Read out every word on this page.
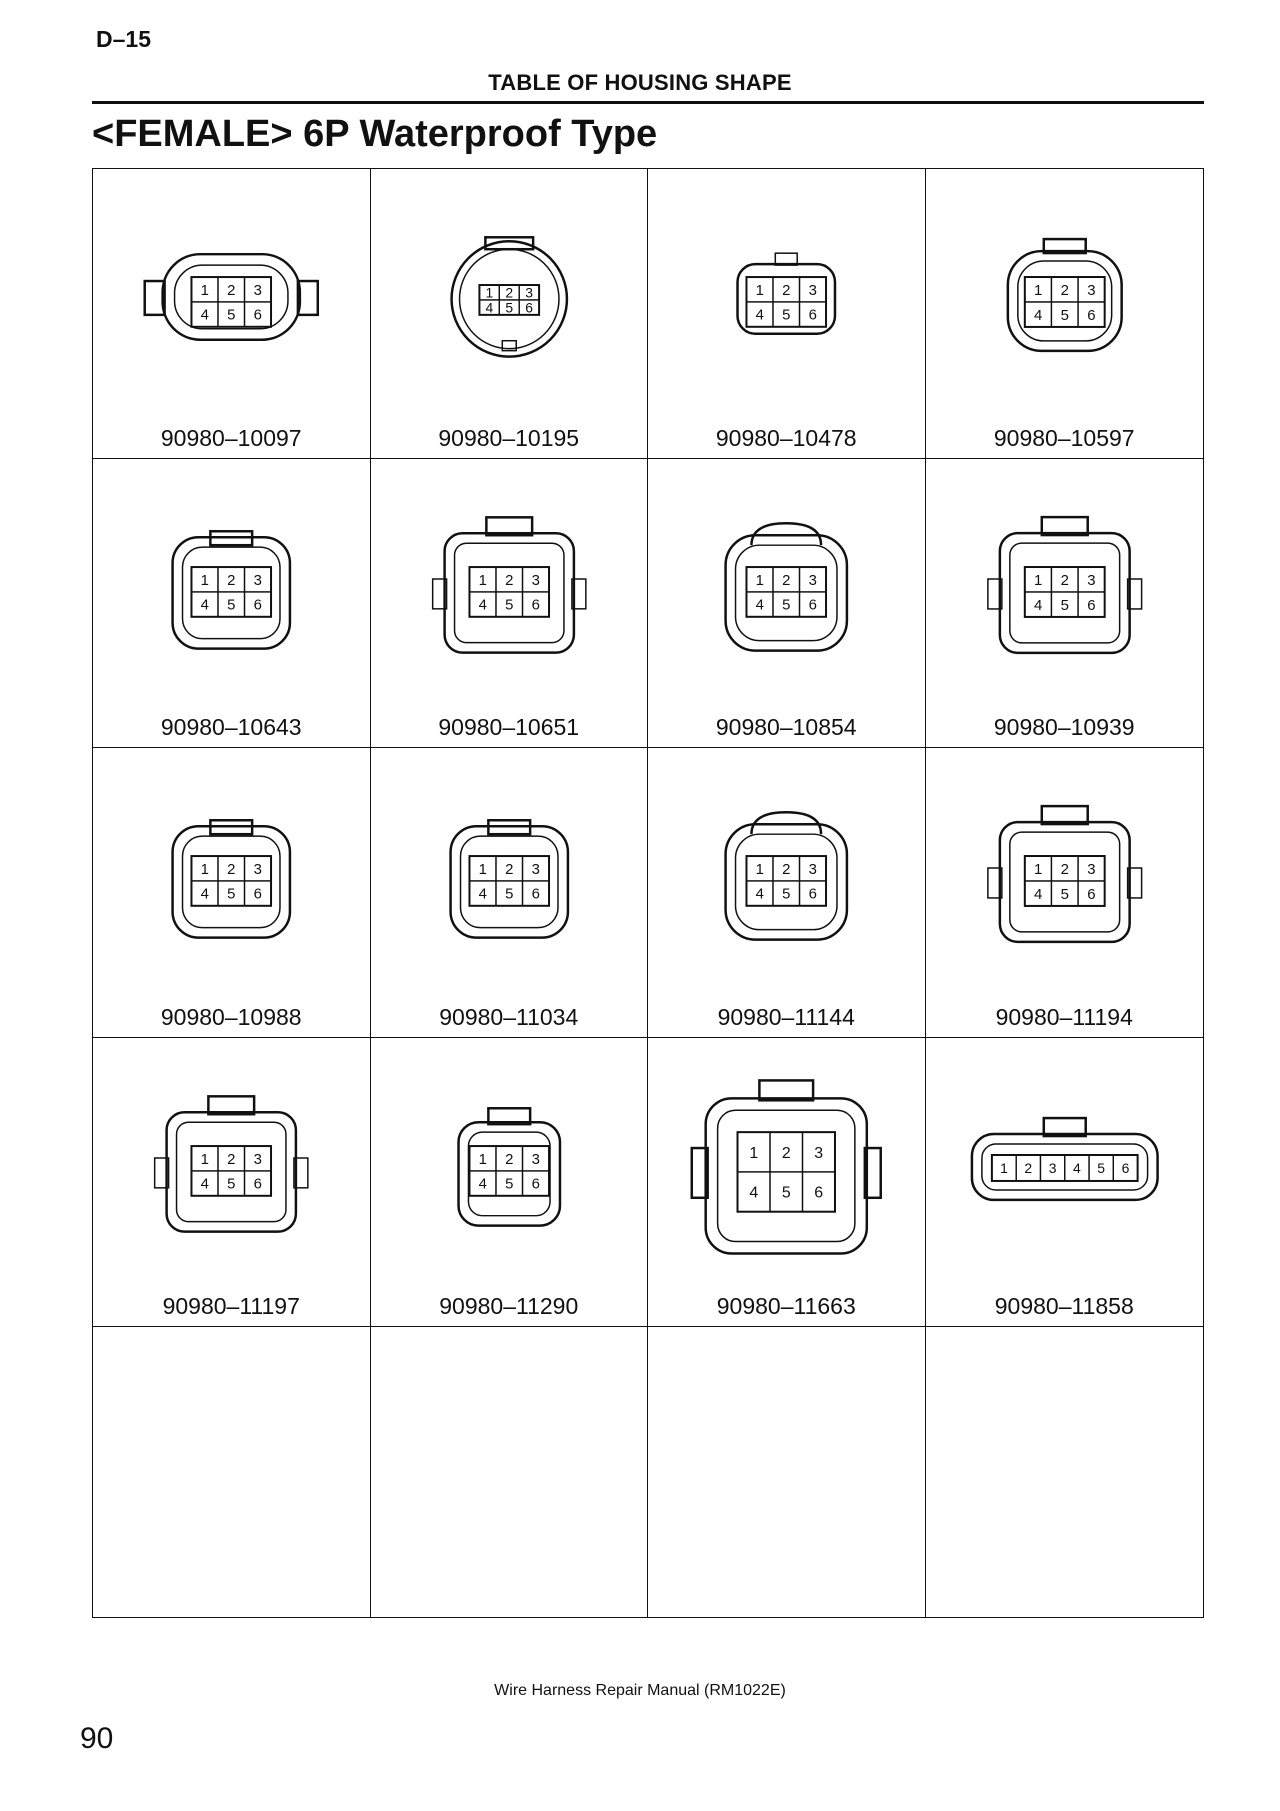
D–15
TABLE OF HOUSING SHAPE
<FEMALE> 6P Waterproof Type
1 2 3
4 5 6
90980–10097
1 2 3
4 5 6
90980–10195
1 2 3
4 5 6
90980–10478
1 2 3
4 5 6
90980–10597
1 2 3
4 5 6
90980–10643
1 2 3
4 5 6
90980–10651
1 2 3
4 5 6
90980–10854
1 2 3
4 5 6
90980–10939
1 2 3
4 5 6
90980–10988
1 2 3
4 5 6
90980–11034
1 2 3
4 5 6
90980–11144
1 2 3
4 5 6
90980–11194
1 2 3
4 5 6
90980–11197
1 2 3
4 5 6
90980–11290
1 2 3
4 5 6
90980–11663
1 2 3 4 5 6
90980–11858
Wire Harness Repair Manual (RM1022E)
90
